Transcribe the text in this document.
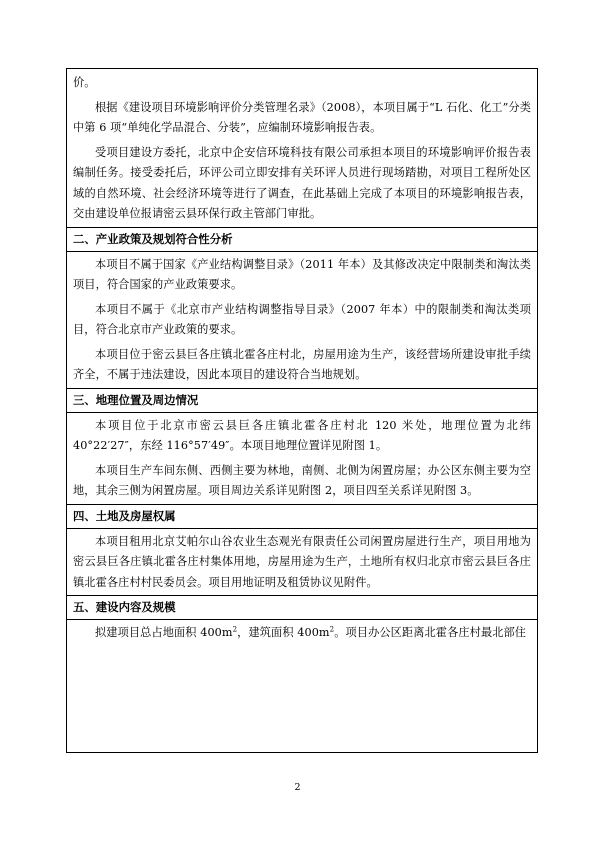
价。

根据《建设项目环境影响评价分类管理名录》（2008），本项目属于“L 石化、化工”分类中第 6 项“单纯化学品混合、分装”，应编制环境影响报告表。

受项目建设方委托，北京中企安信环境科技有限公司承担本项目的环境影响评价报告表编制任务。接受委托后，环评公司立即安排有关环评人员进行现场踏勘，对项目工程所处区域的自然环境、社会经济环境等进行了调查，在此基础上完成了本项目的环境影响报告表，交由建设单位报请密云县环保行政主管部门审批。

二、产业政策及规划符合性分析

本项目不属于国家《产业结构调整目录》（2011 年本）及其修改决定中限制类和淘汰类项目，符合国家的产业政策要求。

本项目不属于《北京市产业结构调整指导目录》（2007 年本）中的限制类和淘汰类项目，符合北京市产业政策的要求。

本项目位于密云县巨各庄镇北霍各庄村北，房屋用途为生产，该经营场所建设审批手续齐全，不属于违法建设，因此本项目的建设符合当地规划。

三、地理位置及周边情况

本项目位于北京市密云县巨各庄镇北霍各庄村北 120 米处，地理位置为北纬 40°22′27″，东经 116°57′49″。本项目地理位置详见附图 1。

本项目生产车间东侧、西侧主要为林地，南侧、北侧为闲置房屋；办公区东侧主要为空地，其余三侧为闲置房屋。项目周边关系详见附图 2，项目四至关系详见附图 3。

四、土地及房屋权属

本项目租用北京艾帕尔山谷农业生态观光有限责任公司闲置房屋进行生产，项目用地为密云县巨各庄镇北霍各庄村集体用地，房屋用途为生产，土地所有权归北京市密云县巨各庄镇北霍各庄村村民委员会。项目用地证明及租赁协议见附件。

五、建设内容及规模

拟建项目总占地面积 $400m^2$，建筑面积 $400m^2$。项目办公区距离北霍各庄村最北部住

2
